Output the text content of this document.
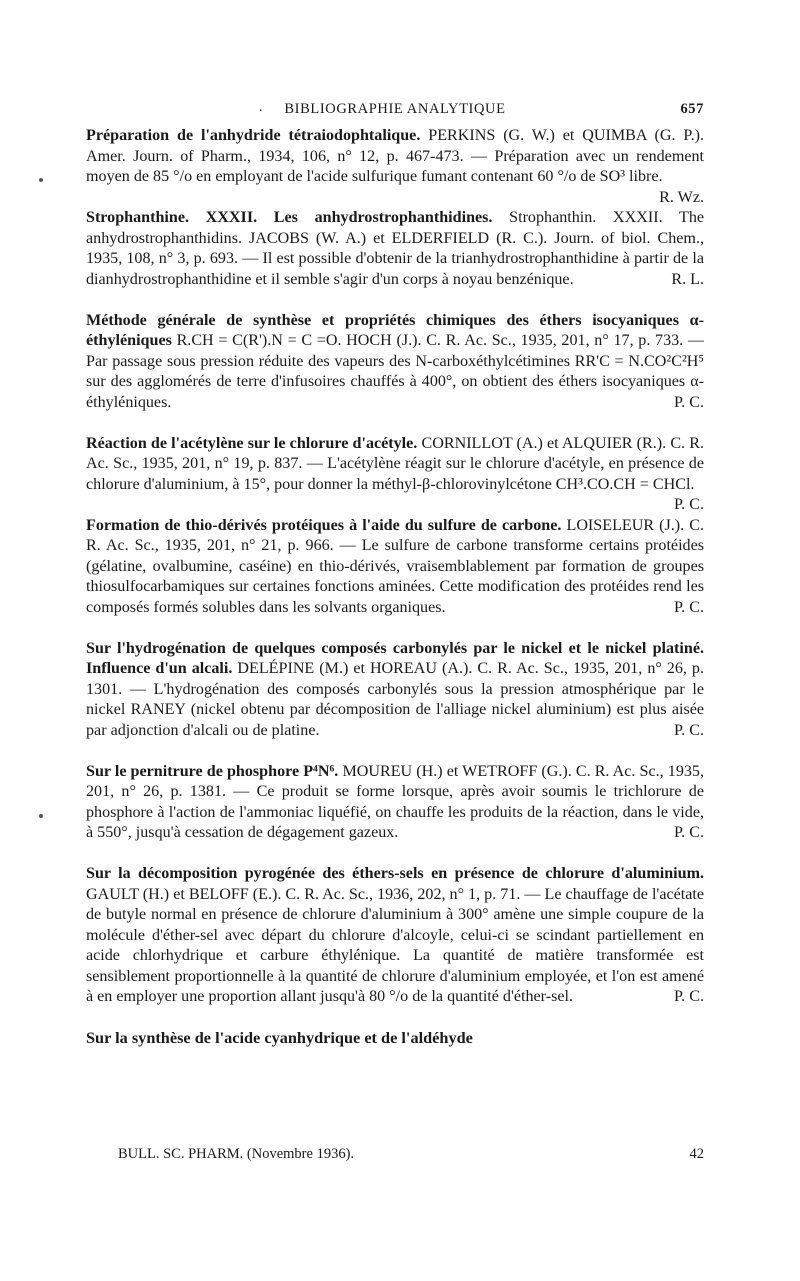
.	BIBLIOGRAPHIE ANALYTIQUE	657

Préparation de l'anhydride tétraiodophtalique. PERKINS (G. W.) et QUIMBA (G. P.). Amer. Journ. of Pharm., 1934, 106, n° 12, p. 467-473. — Préparation avec un rendement moyen de 85 °/o en employant de l'acide sulfurique fumant contenant 60 °/o de SO³ libre.
R. Wz.

Strophanthine. XXXII. Les anhydrostrophanthidines. Strophanthin. XXXII. The anhydrostrophanthidins. JACOBS (W. A.) et ELDERFIELD (R. C.). Journ. of biol. Chem., 1935, 108, n° 3, p. 693. — Il est possible d'obtenir de la trianhydrostrophanthidine à partir de la dianhydrostrophanthidine et il semble s'agir d'un corps à noyau benzénique.	R. L.

Méthode générale de synthèse et propriétés chimiques des éthers isocyaniques α-éthyléniques R.CH = C(R').N = C =O. HOCH (J.). C. R. Ac. Sc., 1935, 201, n° 17, p. 733. — Par passage sous pression réduite des vapeurs des N-carboxéthylcétimines RR'C = N.CO²C²H⁵ sur des agglomérés de terre d'infusoires chauffés à 400°, on obtient des éthers isocyaniques α-éthyléniques.	P. C.

Réaction de l'acétylène sur le chlorure d'acétyle. CORNILLOT (A.) et ALQUIER (R.). C. R. Ac. Sc., 1935, 201, n° 19, p. 837. — L'acétylène réagit sur le chlorure d'acétyle, en présence de chlorure d'aluminium, à 15°, pour donner la méthyl-β-chlorovinylcétone CH³.CO.CH = CHCl.
P. C.

Formation de thio-dérivés protéiques à l'aide du sulfure de carbone. LOISELEUR (J.). C. R. Ac. Sc., 1935, 201, n° 21, p. 966. — Le sulfure de carbone transforme certains protéides (gélatine, ovalbumine, caséine) en thio-dérivés, vraisemblablement par formation de groupes thiosulfocarbamiques sur certaines fonctions aminées. Cette modification des protéides rend les composés formés solubles dans les solvants organiques.	P. C.

Sur l'hydrogénation de quelques composés carbonylés par le nickel et le nickel platiné. Influence d'un alcali. DELÉPINE (M.) et HOREAU (A.). C. R. Ac. Sc., 1935, 201, n° 26, p. 1301. — L'hydrogénation des composés carbonylés sous la pression atmosphérique par le nickel RANEY (nickel obtenu par décomposition de l'alliage nickel aluminium) est plus aisée par adjonction d'alcali ou de platine.	P. C.

Sur le pernitrure de phosphore P⁴N⁶. MOUREU (H.) et WETROFF (G.). C. R. Ac. Sc., 1935, 201, n° 26, p. 1381. — Ce produit se forme lorsque, après avoir soumis le trichlorure de phosphore à l'action de l'ammoniac liquéfié, on chauffe les produits de la réaction, dans le vide, à 550°, jusqu'à cessation de dégagement gazeux.	P. C.

Sur la décomposition pyrogénée des éthers-sels en présence de chlorure d'aluminium. GAULT (H.) et BELOFF (E.). C. R. Ac. Sc., 1936, 202, n° 1, p. 71. — Le chauffage de l'acétate de butyle normal en présence de chlorure d'aluminium à 300° amène une simple coupure de la molécule d'éther-sel avec départ du chlorure d'alcoyle, celui-ci se scindant partiellement en acide chlorhydrique et carbure éthylénique. La quantité de matière transformée est sensiblement proportionnelle à la quantité de chlorure d'aluminium employée, et l'on est amené à en employer une proportion allant jusqu'à 80 °/o de la quantité d'éther-sel.	P. C.

Sur la synthèse de l'acide cyanhydrique et de l'aldéhyde

BULL. SC. PHARM. (Novembre 1936).	42
